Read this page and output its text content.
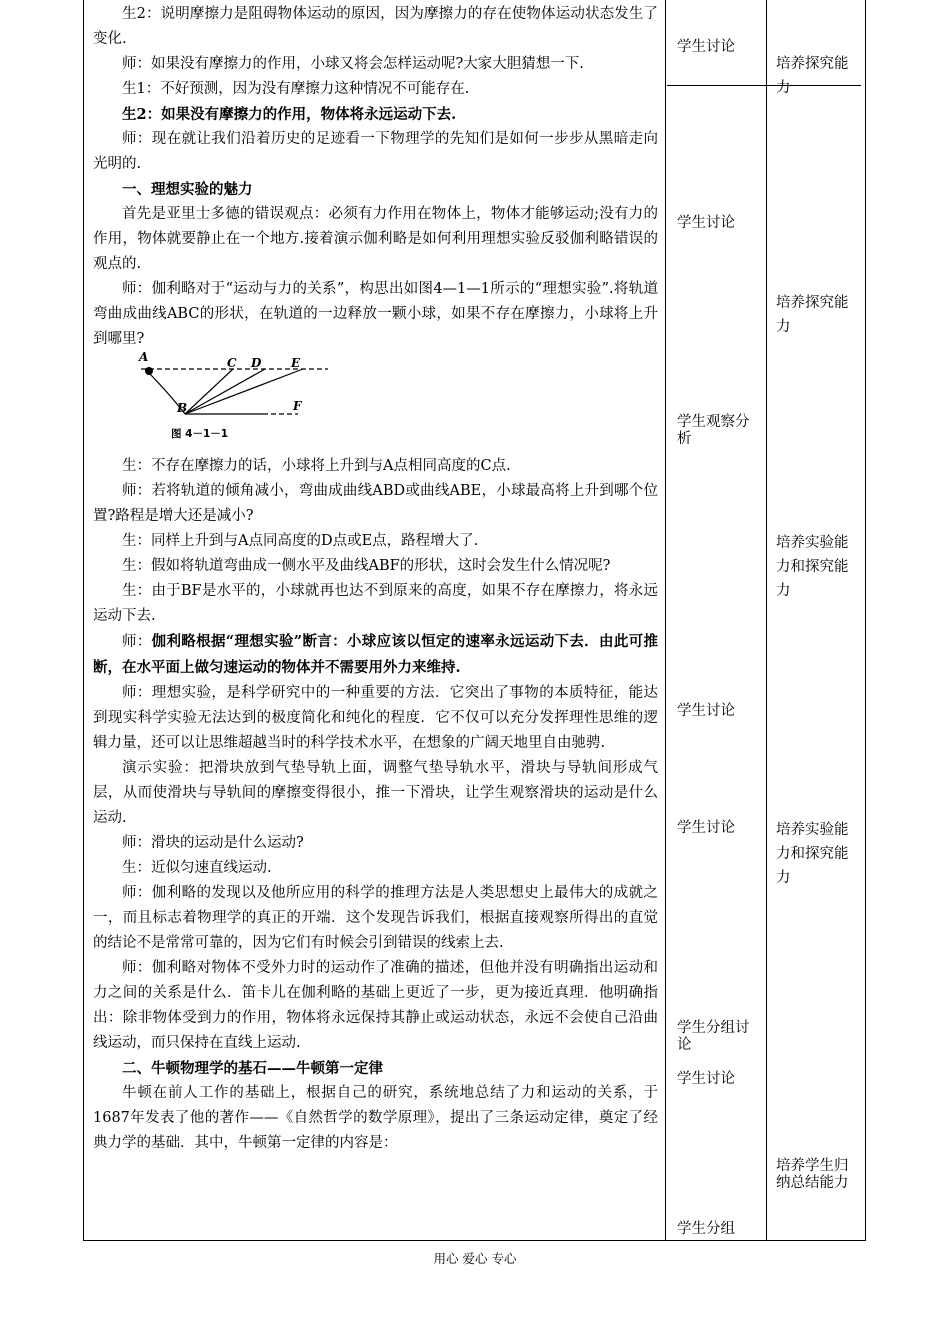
生2：说明摩擦力是阻碍物体运动的原因，因为摩擦力的存在使物体运动状态发生了变化.

师：如果没有摩擦力的作用，小球又将会怎样运动呢?大家大胆猜想一下.

生1：不好预测，因为没有摩擦力这种情况不可能存在.

生2：如果没有摩擦力的作用，物体将永远运动下去.

师：现在就让我们沿着历史的足迹看一下物理学的先知们是如何一步步从黑暗走向光明的.

一、理想实验的魅力

首先是亚里士多德的错误观点：必须有力作用在物体上，物体才能够运动;没有力的作用，物体就要静止在一个地方.接着演示伽利略是如何利用理想实验反驳伽利略错误的观点的.

师：伽利略对于“运动与力的关系”，构思出如图4—1—1所示的“理想实验”.将轨道弯曲成曲线ABC的形状，在轨道的一边释放一颗小球，如果不存在摩擦力，小球将上升到哪里?

A
B
C D E
F
图 4－1－1

生：不存在摩擦力的话，小球将上升到与A点相同高度的C点.

师：若将轨道的倾角减小，弯曲成曲线ABD或曲线ABE，小球最高将上升到哪个位置?路程是增大还是减小?

生：同样上升到与A点同高度的D点或E点，路程增大了.

生：假如将轨道弯曲成一侧水平及曲线ABF的形状，这时会发生什么情况呢?

生：由于BF是水平的，小球就再也达不到原来的高度，如果不存在摩擦力，将永远运动下去.

师：伽利略根据“理想实验”断言：小球应该以恒定的速率永远运动下去．由此可推断，在水平面上做匀速运动的物体并不需要用外力来维持.

师：理想实验，是科学研究中的一种重要的方法．它突出了事物的本质特征，能达到现实科学实验无法达到的极度简化和纯化的程度．它不仅可以充分发挥理性思维的逻辑力量，还可以让思维超越当时的科学技术水平，在想象的广阔天地里自由驰骋.

演示实验：把滑块放到气垫导轨上面，调整气垫导轨水平，滑块与导轨间形成气层，从而使滑块与导轨间的摩擦变得很小，推一下滑块，让学生观察滑块的运动是什么运动.

师：滑块的运动是什么运动?

生：近似匀速直线运动.

师：伽利略的发现以及他所应用的科学的推理方法是人类思想史上最伟大的成就之一，而且标志着物理学的真正的开端．这个发现告诉我们，根据直接观察所得出的直觉的结论不是常常可靠的，因为它们有时候会引到错误的线索上去.

师：伽利略对物体不受外力时的运动作了准确的描述，但他并没有明确指出运动和力之间的关系是什么．笛卡儿在伽利略的基础上更近了一步，更为接近真理．他明确指出：除非物体受到力的作用，物体将永远保持其静止或运动状态，永远不会使自己沿曲线运动，而只保持在直线上运动.

二、牛顿物理学的基石——牛顿第一定律

牛顿在前人工作的基础上，根据自己的研究，系统地总结了力和运动的关系，于1687年发表了他的著作——《自然哲学的数学原理》，提出了三条运动定律，奠定了经典力学的基础．其中，牛顿第一定律的内容是：

学生讨论
学生讨论
学生观察分析
学生讨论
学生讨论
学生分组讨论
学生讨论
学生分组
培养探究能力
培养探究能力
培养实验能力和探究能力
培养实验能力和探究能力
培养学生归纳总结能力
用心 爱心 专心
